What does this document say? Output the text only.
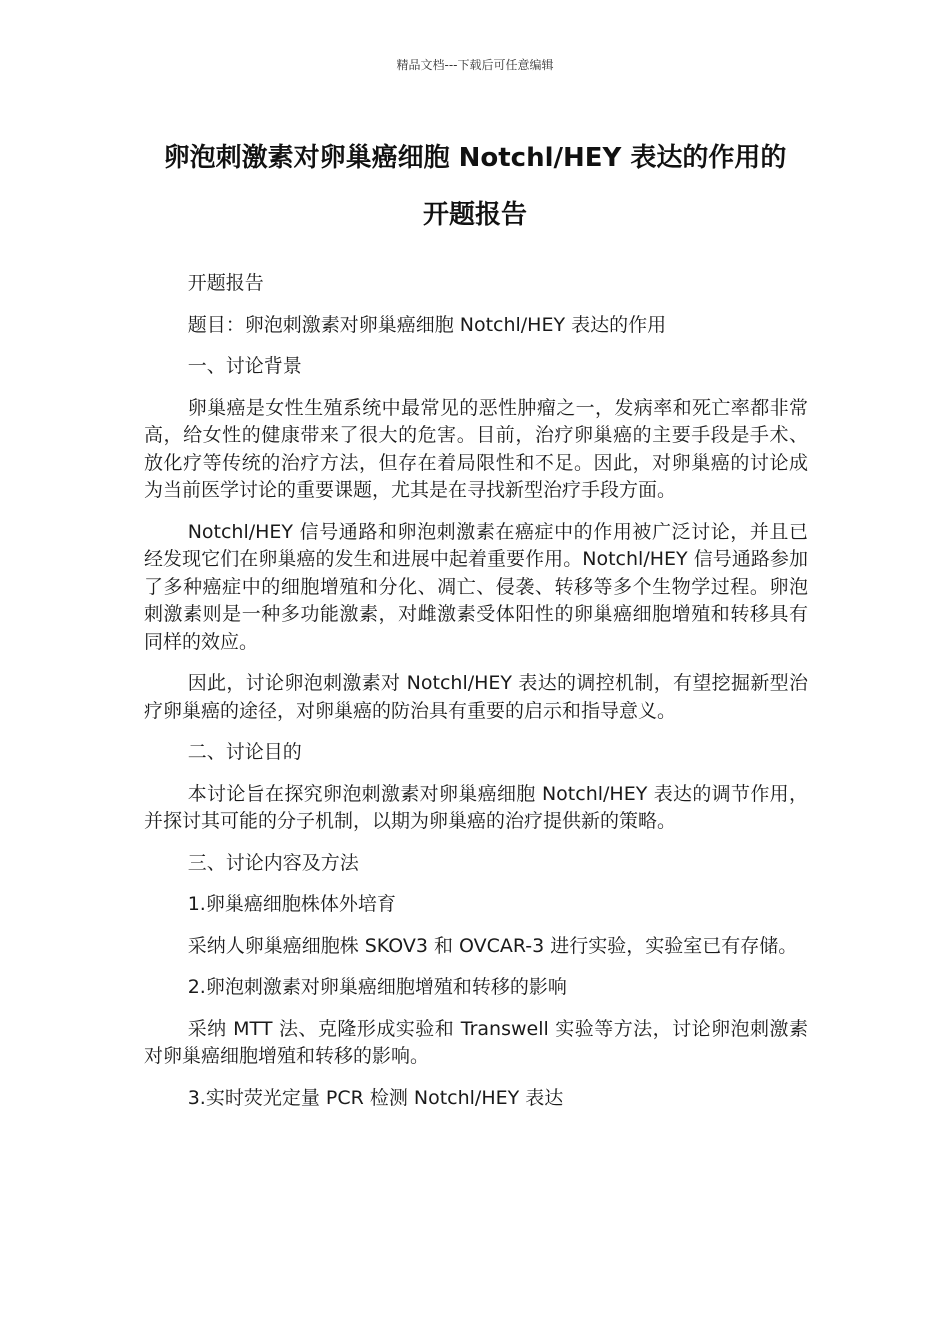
精品文档---下载后可任意编辑
卵泡刺激素对卵巢癌细胞 Notchl/HEY 表达的作用的
开题报告

开题报告

题目：卵泡刺激素对卵巢癌细胞 Notchl/HEY 表达的作用

一、讨论背景

卵巢癌是女性生殖系统中最常见的恶性肿瘤之一，发病率和死亡率都非常高，给女性的健康带来了很大的危害。目前，治疗卵巢癌的主要手段是手术、放化疗等传统的治疗方法，但存在着局限性和不足。因此，对卵巢癌的讨论成为当前医学讨论的重要课题，尤其是在寻找新型治疗手段方面。

Notchl/HEY 信号通路和卵泡刺激素在癌症中的作用被广泛讨论，并且已经发现它们在卵巢癌的发生和进展中起着重要作用。Notchl/HEY 信号通路参加了多种癌症中的细胞增殖和分化、凋亡、侵袭、转移等多个生物学过程。卵泡刺激素则是一种多功能激素，对雌激素受体阳性的卵巢癌细胞增殖和转移具有同样的效应。

因此，讨论卵泡刺激素对 Notchl/HEY 表达的调控机制，有望挖掘新型治疗卵巢癌的途径，对卵巢癌的防治具有重要的启示和指导意义。

二、讨论目的

本讨论旨在探究卵泡刺激素对卵巢癌细胞 Notchl/HEY 表达的调节作用，并探讨其可能的分子机制，以期为卵巢癌的治疗提供新的策略。

三、讨论内容及方法

1.卵巢癌细胞株体外培育

采纳人卵巢癌细胞株 SKOV3 和 OVCAR-3 进行实验，实验室已有存储。

2.卵泡刺激素对卵巢癌细胞增殖和转移的影响

采纳 MTT 法、克隆形成实验和 Transwell 实验等方法，讨论卵泡刺激素对卵巢癌细胞增殖和转移的影响。

3.实时荧光定量 PCR 检测 Notchl/HEY 表达
